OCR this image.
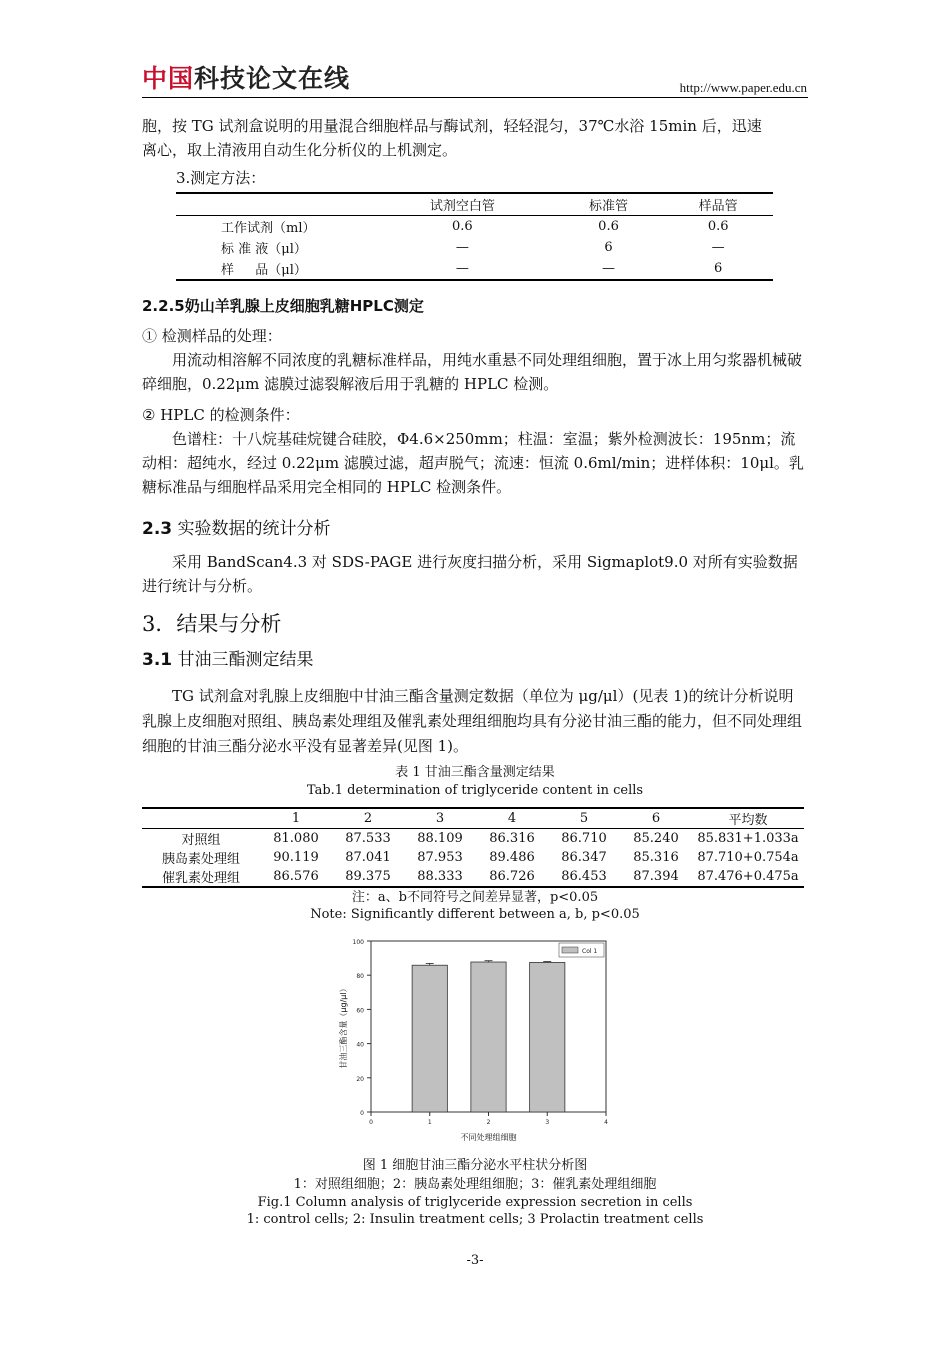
中国科技论文在线	http://www.paper.edu.cn
胞，按 TG 试剂盒说明的用量混合细胞样品与酶试剂，轻轻混匀，37℃水浴 15min 后，迅速
离心，取上清液用自动生化分析仪的上机测定。
3.测定方法：
	试剂空白管	标准管	样品管
工作试剂（ml）	0.6	0.6	0.6
标 准 液（μl）	—	6	—
样 　 品（μl）	—	—	6
2.2.5奶山羊乳腺上皮细胞乳糖HPLC测定
① 检测样品的处理：
用流动相溶解不同浓度的乳糖标准样品，用纯水重悬不同处理组细胞，置于冰上用匀浆器机械破碎细胞，0.22μm 滤膜过滤裂解液后用于乳糖的 HPLC 检测。
② HPLC 的检测条件：
色谱柱：十八烷基硅烷键合硅胶，Φ4.6×250mm；柱温：室温；紫外检测波长：195nm；流动相：超纯水，经过 0.22μm 滤膜过滤，超声脱气；流速：恒流 0.6ml/min；进样体积：10μl。乳糖标准品与细胞样品采用完全相同的 HPLC 检测条件。
2.3 实验数据的统计分析
采用 BandScan4.3 对 SDS-PAGE 进行灰度扫描分析，采用 Sigmaplot9.0 对所有实验数据进行统计与分析。
3．结果与分析
3.1 甘油三酯测定结果
TG 试剂盒对乳腺上皮细胞中甘油三酯含量测定数据（单位为 μg/μl）(见表 1)的统计分析说明乳腺上皮细胞对照组、胰岛素处理组及催乳素处理组细胞均具有分泌甘油三酯的能力，但不同处理组细胞的甘油三酯分泌水平没有显著差异(见图 1)。
表 1 甘油三酯含量测定结果
Tab.1 determination of triglyceride content in cells
	1	2	3	4	5	6	平均数
对照组	81.080	87.533	88.109	86.316	86.710	85.240	85.831+1.033a
胰岛素处理组	90.119	87.041	87.953	89.486	86.347	85.316	87.710+0.754a
催乳素处理组	86.576	89.375	88.333	86.726	86.453	87.394	87.476+0.475a
注：a、b不同符号之间差异显著，p<0.05
Note: Significantly different between a, b, p<0.05
0
20
40
60
80
100
0	1	2	3	4
Col 1
不同处理组细胞
甘油三酯含量（μg/μl）
图 1 细胞甘油三酯分泌水平柱状分析图
1：对照组细胞；2：胰岛素处理组细胞；3：催乳素处理组细胞
Fig.1 Column analysis of triglyceride expression secretion in cells
1: control cells; 2: Insulin treatment cells; 3 Prolactin treatment cells
-3-
